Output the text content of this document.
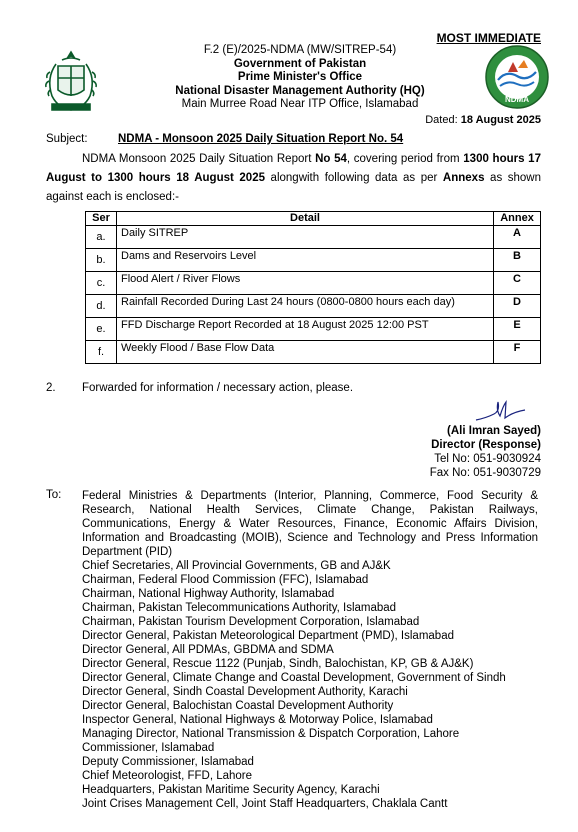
MOST IMMEDIATE
F.2 (E)/2025-NDMA (MW/SITREP-54)
Government of Pakistan
Prime Minister's Office
National Disaster Management Authority (HQ)
Main Murree Road Near ITP Office, Islamabad	NDMA
Dated: 18 August 2025
Subject:	NDMA - Monsoon 2025 Daily Situation Report No. 54
NDMA Monsoon 2025 Daily Situation Report No 54, covering period from 1300 hours 17 August to 1300 hours 18 August 2025 alongwith following data as per Annexs as shown against each is enclosed:-
Ser	Detail	Annex
a.	Daily SITREP	A
b.	Dams and Reservoirs Level	B
c.	Flood Alert / River Flows	C
d.	Rainfall Recorded During Last 24 hours (0800-0800 hours each day)	D
e.	FFD Discharge Report Recorded at 18 August 2025 12:00 PST	E
f.	Weekly Flood / Base Flow Data	F
2. Forwarded for information / necessary action, please.
(Ali Imran Sayed)
Director (Response)
Tel No: 051-9030924
Fax No: 051-9030729
To: Federal Ministries & Departments (Interior, Planning, Commerce, Food Security & Research, National Health Services, Climate Change, Pakistan Railways, Communications, Energy & Water Resources, Finance, Economic Affairs Division, Information and Broadcasting (MOIB), Science and Technology and Press Information Department (PID)
Chief Secretaries, All Provincial Governments, GB and AJ&K
Chairman, Federal Flood Commission (FFC), Islamabad
Chairman, National Highway Authority, Islamabad
Chairman, Pakistan Telecommunications Authority, Islamabad
Chairman, Pakistan Tourism Development Corporation, Islamabad
Director General, Pakistan Meteorological Department (PMD), Islamabad
Director General, All PDMAs, GBDMA and SDMA
Director General, Rescue 1122 (Punjab, Sindh, Balochistan, KP, GB & AJ&K)
Director General, Climate Change and Coastal Development, Government of Sindh
Director General, Sindh Coastal Development Authority, Karachi
Director General, Balochistan Coastal Development Authority
Inspector General, National Highways & Motorway Police, Islamabad
Managing Director, National Transmission & Dispatch Corporation, Lahore Commissioner, Islamabad
Deputy Commissioner, Islamabad
Chief Meteorologist, FFD, Lahore
Headquarters, Pakistan Maritime Security Agency, Karachi
Joint Crises Management Cell, Joint Staff Headquarters, Chaklala Cantt
